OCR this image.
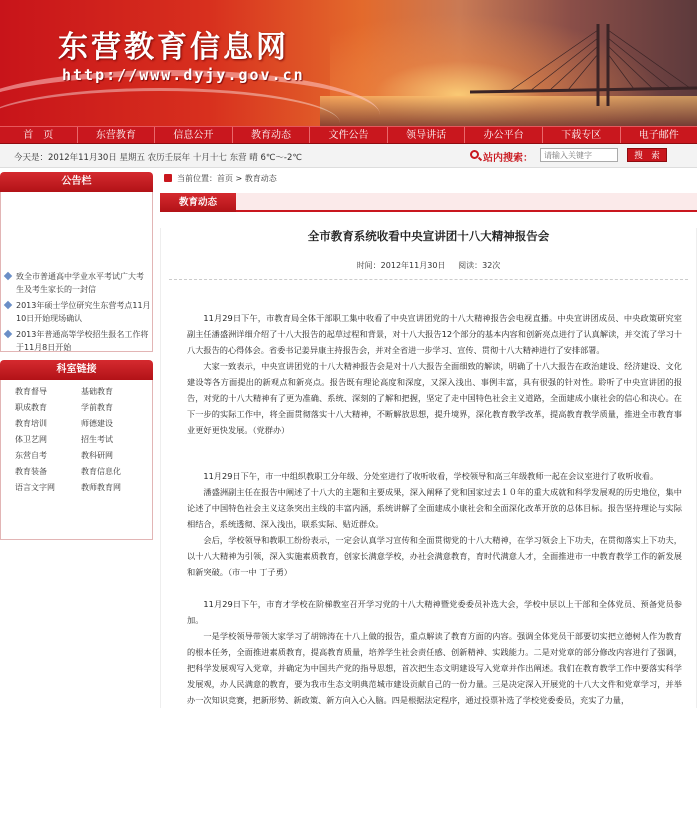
东营教育信息网
http://www.dyjy.gov.cn
首　页	东营教育	信息公开	教育动态	文件公告	领导讲话	办公平台	下载专区	电子邮件
今天是：2012年11月30日 星期五 农历壬辰年 十月十七 东营 晴 6℃～-2℃	站内搜索：
请输入关键字	搜　索
公告栏
致全市普通高中学业水平考试广大考生及考生家长的一封信
2013年硕士学位研究生东营考点11月10日开始现场确认
2013年普通高等学校招生报名工作将于11月8日开始
科室链接
教育督导	基础教育
职成教育	学前教育
教育培训	师德建设
体卫艺网	招生考试
东营自考	教科研网
教育装备	教育信息化
语言文字网	教师教育网
当前位置：首页 > 教育动态
教育动态
全市教育系统收看中央宣讲团十八大精神报告会
时间：2012年11月30日     阅读：32次

11月29日下午，市教育局全体干部职工集中收看了中央宣讲团党的十八大精神报告会电视直播。中央宣讲团成员、中央政策研究室副主任潘盛洲详细介绍了十八大报告的起草过程和背景，对十八大报告12个部分的基本内容和创新亮点进行了认真解读，并交流了学习十八大报告的心得体会。省委书记姜异康主持报告会，并对全省进一步学习、宣传、贯彻十八大精神进行了安排部署。

大家一致表示，中央宣讲团党的十八大精神报告会是对十八大报告全面细致的解读，明确了十八大报告在政治建设、经济建设、文化建设等各方面提出的新观点和新亮点。报告既有理论高度和深度，又深入浅出、事例丰富，具有很强的针对性。聆听了中央宣讲团的报告，对党的十八大精神有了更为准确、系统、深刻的了解和把握，坚定了走中国特色社会主义道路，全面建成小康社会的信心和决心。在下一步的实际工作中，将全面贯彻落实十八大精神，不断解放思想，提升境界，深化教育教学改革，提高教育教学质量，推进全市教育事业更好更快发展。（党群办）

11月29日下午，市一中组织教职工分年级、分处室进行了收听收看，学校领导和高三年级教师一起在会议室进行了收听收看。

潘盛洲副主任在报告中阐述了十八大的主题和主要成果，深入阐释了党和国家过去１０年的重大成就和科学发展观的历史地位，集中论述了中国特色社会主义这条突出主线的丰富内涵，系统讲解了全面建成小康社会和全面深化改革开放的总体目标。报告坚持理论与实际相结合，系统透彻、深入浅出，联系实际、贴近群众。

会后，学校领导和教职工纷纷表示，一定会认真学习宣传和全面贯彻党的十八大精神，在学习领会上下功夫，在贯彻落实上下功夫，以十八大精神为引领，深入实施素质教育，创家长满意学校，办社会满意教育，育时代满意人才，全面推进市一中教育教学工作的新发展和新突破。（市一中 丁子勇）

11月29日下午，市育才学校在阶梯教室召开学习党的十八大精神暨党委委员补选大会，学校中层以上干部和全体党员、预备党员参加。

一是学校领导带领大家学习了胡锦涛在十八上做的报告，重点解读了教育方面的内容。强调全体党员干部要切实把立德树人作为教育的根本任务，全面推进素质教育，提高教育质量，培养学生社会责任感、创新精神、实践能力。二是对党章的部分修改内容进行了强调，把科学发展观写入党章，并确定为中国共产党的指导思想，首次把生态文明建设写入党章并作出阐述。我们在教育教学工作中要落实科学发展观，办人民满意的教育，要为我市生态文明典范城市建设贡献自己的一份力量。三是决定深入开展党的十八大文件和党章学习，并举办一次知识竞赛，把新形势、新政策、新方向入心入脑。四是根据法定程序，通过投票补选了学校党委委员，充实了力量，
